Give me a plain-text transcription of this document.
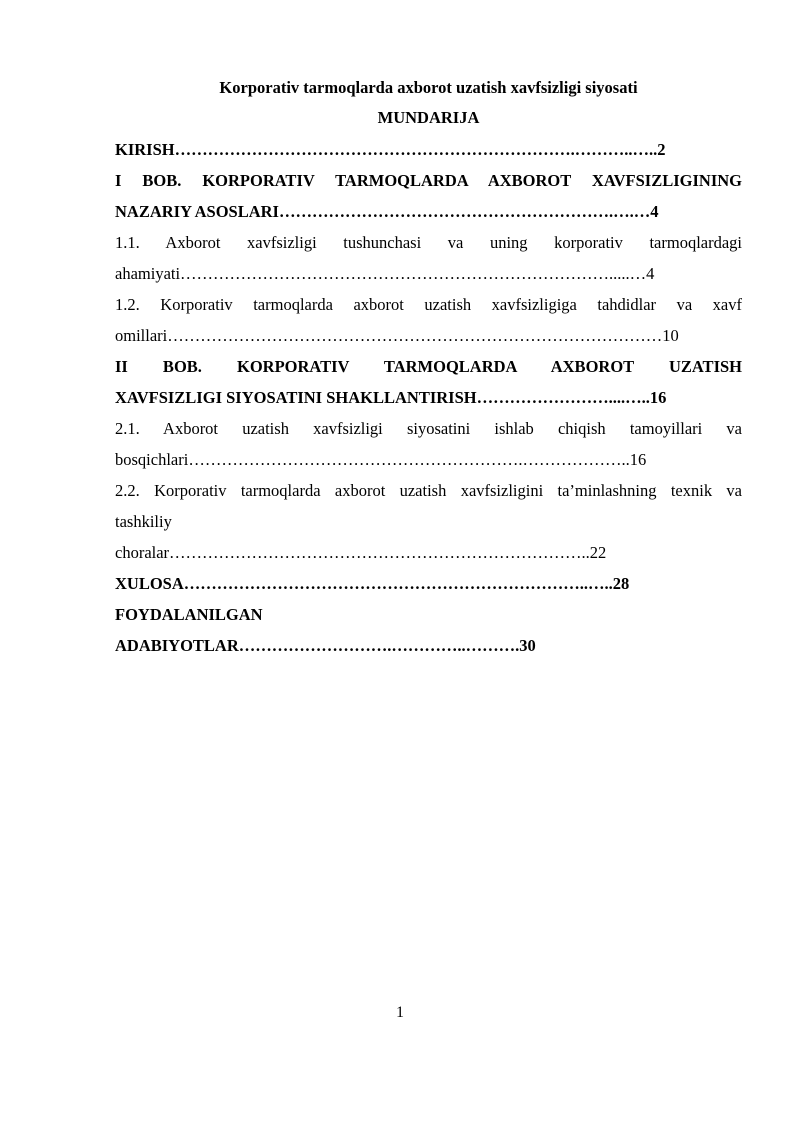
Korporativ tarmoqlarda axborot uzatish xavfsizligi siyosati
MUNDARIJA
KIRISH……………………………………………………………….………..…..2
I BOB. KORPORATIV TARMOQLARDA AXBOROT XAVFSIZLIGINING
NAZARIY ASOSLARI…………………………………………………….….…4
1.1. Axborot xavfsizligi tushunchasi va uning korporativ tarmoqlardagi
ahamiyati…………………………………………………………………….....…4
1.2. Korporativ tarmoqlarda axborot uzatish xavfsizligiga tahdidlar va xavf
omillari………………………………………………………………………………10
II BOB. KORPORATIV TARMOQLARDA AXBOROT UZATISH
XAVFSIZLIGI SIYOSATINI SHAKLLANTIRISH……………………....…..16
2.1. Axborot uzatish xavfsizligi siyosatini ishlab chiqish tamoyillari va
bosqichlari…………………………………………………….………………..16
2.2. Korporativ tarmoqlarda axborot uzatish xavfsizligini ta’minlashning texnik va
tashkiliy
choralar…………………………………………………………………..22
XULOSA………………………………………………………………..…..28
FOYDALANILGAN
ADABIYOTLAR……………………….…………..……….30
1
